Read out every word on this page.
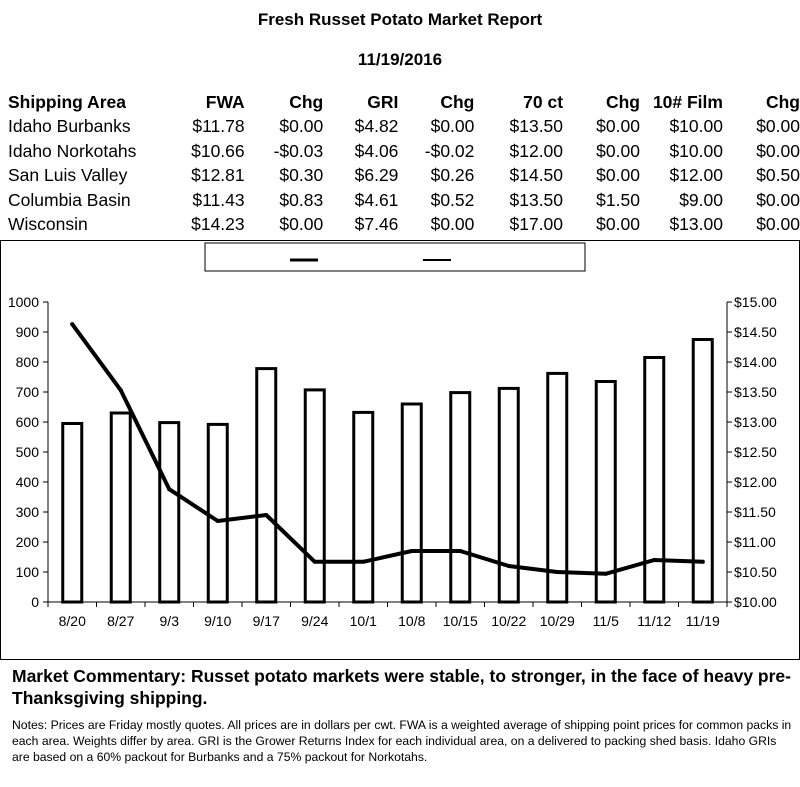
Fresh Russet Potato Market Report
11/19/2016
Shipping Area	FWA	Chg	GRI	Chg	70 ct	Chg	10# Film	Chg
Idaho Burbanks	$11.78	$0.00	$4.82	$0.00	$13.50	$0.00	$10.00	$0.00
Idaho Norkotahs	$10.66	-$0.03	$4.06	-$0.02	$12.00	$0.00	$10.00	$0.00
San Luis Valley	$12.81	$0.30	$6.29	$0.26	$14.50	$0.00	$12.00	$0.50
Columbia Basin	$11.43	$0.83	$4.61	$0.52	$13.50	$1.50	$9.00	$0.00
Wisconsin	$14.23	$0.00	$7.46	$0.00	$17.00	$0.00	$13.00	$0.00
0
100
200
300
400
500
600
700
800
900
1000
$10.00
$10.50
$11.00
$11.50
$12.00
$12.50
$13.00
$13.50
$14.00
$14.50
$15.00
8/20 8/27 9/3 9/10 9/17 9/24 10/1 10/8 10/15 10/22 10/29 11/5 11/12 11/19
Market Commentary: Russet potato markets were stable, to stronger, in the face of heavy pre-Thanksgiving shipping.
Notes: Prices are Friday mostly quotes. All prices are in dollars per cwt. FWA is a weighted average of shipping point prices for common packs in each area. Weights differ by area. GRI is the Grower Returns Index for each individual area, on a delivered to packing shed basis. Idaho GRIs are based on a 60% packout for Burbanks and a 75% packout for Norkotahs.
